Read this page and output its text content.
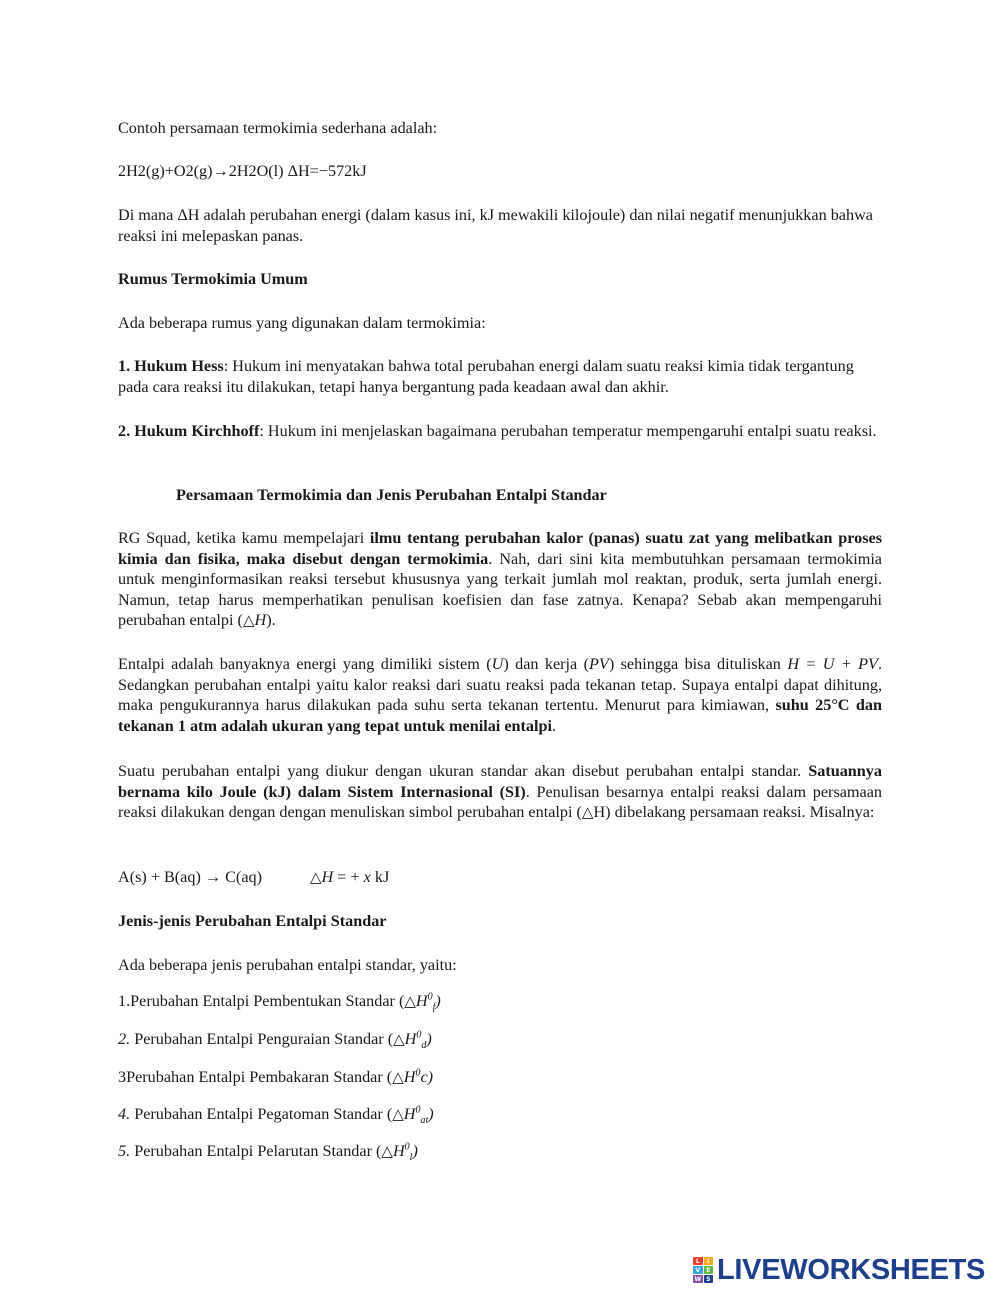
Contoh persamaan termokimia sederhana adalah:

2H2(g)+O2(g)→2H2O(l) ΔH=−572kJ

Di mana ΔH adalah perubahan energi (dalam kasus ini, kJ mewakili kilojoule) dan nilai negatif menunjukkan bahwa reaksi ini melepaskan panas.

Rumus Termokimia Umum

Ada beberapa rumus yang digunakan dalam termokimia:

1. Hukum Hess: Hukum ini menyatakan bahwa total perubahan energi dalam suatu reaksi kimia tidak tergantung pada cara reaksi itu dilakukan, tetapi hanya bergantung pada keadaan awal dan akhir.

2. Hukum Kirchhoff: Hukum ini menjelaskan bagaimana perubahan temperatur mempengaruhi entalpi suatu reaksi.

Persamaan Termokimia dan Jenis Perubahan Entalpi Standar

RG Squad, ketika kamu mempelajari ilmu tentang perubahan kalor (panas) suatu zat yang melibatkan proses kimia dan fisika, maka disebut dengan termokimia. Nah, dari sini kita membutuhkan persamaan termokimia untuk menginformasikan reaksi tersebut khususnya yang terkait jumlah mol reaktan, produk, serta jumlah energi. Namun, tetap harus memperhatikan penulisan koefisien dan fase zatnya. Kenapa? Sebab akan mempengaruhi perubahan entalpi (△H).

Entalpi adalah banyaknya energi yang dimiliki sistem (U) dan kerja (PV) sehingga bisa dituliskan H = U + PV. Sedangkan perubahan entalpi yaitu kalor reaksi dari suatu reaksi pada tekanan tetap. Supaya entalpi dapat dihitung, maka pengukurannya harus dilakukan pada suhu serta tekanan tertentu. Menurut para kimiawan, suhu 25°C dan tekanan 1 atm adalah ukuran yang tepat untuk menilai entalpi.

Suatu perubahan entalpi yang diukur dengan ukuran standar akan disebut perubahan entalpi standar. Satuannya bernama kilo Joule (kJ) dalam Sistem Internasional (SI). Penulisan besarnya entalpi reaksi dalam persamaan reaksi dilakukan dengan dengan menuliskan simbol perubahan entalpi (△H) dibelakang persamaan reaksi. Misalnya:

A(s) + B(aq) → C(aq)	△H = + x kJ

Jenis-jenis Perubahan Entalpi Standar

Ada beberapa jenis perubahan entalpi standar, yaitu:

1.Perubahan Entalpi Pembentukan Standar $(\triangle H^0_f)$

2. Perubahan Entalpi Penguraian Standar $(\triangle H^0_d)$

3Perubahan Entalpi Pembakaran Standar $(\triangle H^0c)$

4. Perubahan Entalpi Pegatoman Standar $(\triangle H^0_{at})$

5. Perubahan Entalpi Pelarutan Standar $(\triangle H^0_l)$

L	I
V	E
W S LIVEWORKSHEETS
